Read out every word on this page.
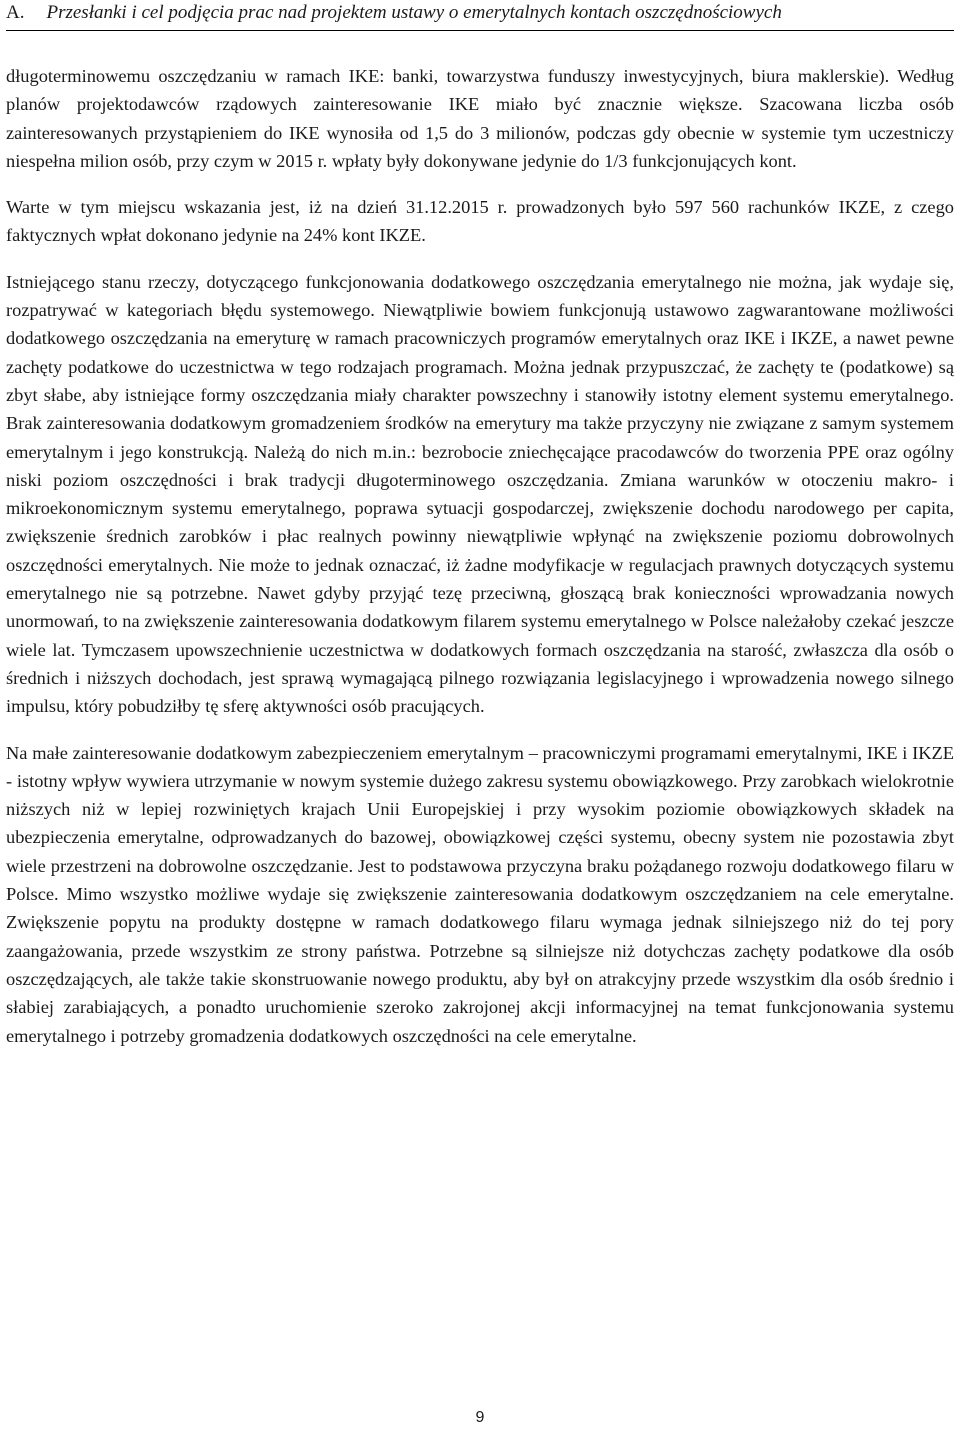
A. Przesłanki i cel podjęcia prac nad projektem ustawy o emerytalnych kontach oszczędnościowych

długoterminowemu oszczędzaniu w ramach IKE: banki, towarzystwa funduszy inwestycyjnych, biura maklerskie). Według planów projektodawców rządowych zainteresowanie IKE miało być znacznie większe. Szacowana liczba osób zainteresowanych przystąpieniem do IKE wynosiła od 1,5 do 3 milionów, podczas gdy obecnie w systemie tym uczestniczy niespełna milion osób, przy czym w 2015 r. wpłaty były dokonywane jedynie do 1/3 funkcjonujących kont.

Warte w tym miejscu wskazania jest, iż na dzień 31.12.2015 r. prowadzonych było 597 560 rachunków IKZE, z czego faktycznych wpłat dokonano jedynie na 24% kont IKZE.

Istniejącego stanu rzeczy, dotyczącego funkcjonowania dodatkowego oszczędzania emerytalnego nie można, jak wydaje się, rozpatrywać w kategoriach błędu systemowego. Niewątpliwie bowiem funkcjonują ustawowo zagwarantowane możliwości dodatkowego oszczędzania na emeryturę w ramach pracowniczych programów emerytalnych oraz IKE i IKZE, a nawet pewne zachęty podatkowe do uczestnictwa w tego rodzajach programach. Można jednak przypuszczać, że zachęty te (podatkowe) są zbyt słabe, aby istniejące formy oszczędzania miały charakter powszechny i stanowiły istotny element systemu emerytalnego. Brak zainteresowania dodatkowym gromadzeniem środków na emerytury ma także przyczyny nie związane z samym systemem emerytalnym i jego konstrukcją. Należą do nich m.in.: bezrobocie zniechęcające pracodawców do tworzenia PPE oraz ogólny niski poziom oszczędności i brak tradycji długoterminowego oszczędzania. Zmiana warunków w otoczeniu makro- i mikroekonomicznym systemu emerytalnego, poprawa sytuacji gospodarczej, zwiększenie dochodu narodowego per capita, zwiększenie średnich zarobków i płac realnych powinny niewątpliwie wpłynąć na zwiększenie poziomu dobrowolnych oszczędności emerytalnych. Nie może to jednak oznaczać, iż żadne modyfikacje w regulacjach prawnych dotyczących systemu emerytalnego nie są potrzebne. Nawet gdyby przyjąć tezę przeciwną, głoszącą brak konieczności wprowadzania nowych unormowań, to na zwiększenie zainteresowania dodatkowym filarem systemu emerytalnego w Polsce należałoby czekać jeszcze wiele lat. Tymczasem upowszechnienie uczestnictwa w dodatkowych formach oszczędzania na starość, zwłaszcza dla osób o średnich i niższych dochodach, jest sprawą wymagającą pilnego rozwiązania legislacyjnego i wprowadzenia nowego silnego impulsu, który pobudziłby tę sferę aktywności osób pracujących.

Na małe zainteresowanie dodatkowym zabezpieczeniem emerytalnym – pracowniczymi programami emerytalnymi, IKE i IKZE - istotny wpływ wywiera utrzymanie w nowym systemie dużego zakresu systemu obowiązkowego. Przy zarobkach wielokrotnie niższych niż w lepiej rozwiniętych krajach Unii Europejskiej i przy wysokim poziomie obowiązkowych składek na ubezpieczenia emerytalne, odprowadzanych do bazowej, obowiązkowej części systemu, obecny system nie pozostawia zbyt wiele przestrzeni na dobrowolne oszczędzanie. Jest to podstawowa przyczyna braku pożądanego rozwoju dodatkowego filaru w Polsce. Mimo wszystko możliwe wydaje się zwiększenie zainteresowania dodatkowym oszczędzaniem na cele emerytalne. Zwiększenie popytu na produkty dostępne w ramach dodatkowego filaru wymaga jednak silniejszego niż do tej pory zaangażowania, przede wszystkim ze strony państwa. Potrzebne są silniejsze niż dotychczas zachęty podatkowe dla osób oszczędzających, ale także takie skonstruowanie nowego produktu, aby był on atrakcyjny przede wszystkim dla osób średnio i słabiej zarabiających, a ponadto uruchomienie szeroko zakrojonej akcji informacyjnej na temat funkcjonowania systemu emerytalnego i potrzeby gromadzenia dodatkowych oszczędności na cele emerytalne.

9
